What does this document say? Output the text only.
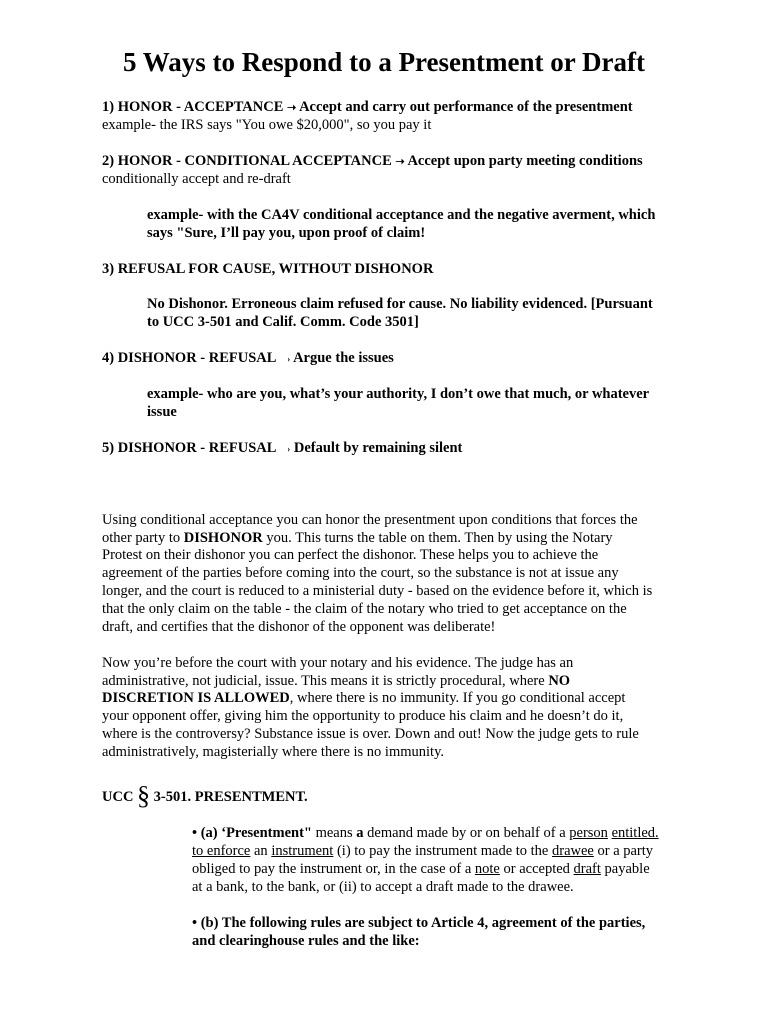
5 Ways to Respond to a Presentment or Draft
1) HONOR - ACCEPTANCE ➝ Accept and carry out performance of the presentment
example- the IRS says "You owe $20,000", so you pay it
2) HONOR - CONDITIONAL ACCEPTANCE ➝ Accept upon party meeting conditions
conditionally accept and re-draft
example- with the CA4V conditional acceptance and the negative averment, which
says "Sure, I’ll pay you, upon proof of claim!
3) REFUSAL FOR CAUSE, WITHOUT DISHONOR
No Dishonor. Erroneous claim refused for cause. No liability evidenced. [Pursuant
to UCC 3-501 and Calif. Comm. Code 3501]
4) DISHONOR - REFUSAL › Argue the issues
example- who are you, what’s your authority, I don’t owe that much, or whatever
issue
5) DISHONOR - REFUSAL › Default by remaining silent
Using conditional acceptance you can honor the presentment upon conditions that forces the
other party to DISHONOR you. This turns the table on them. Then by using the Notary
Protest on their dishonor you can perfect the dishonor. These helps you to achieve the
agreement of the parties before coming into the court, so the substance is not at issue any
longer, and the court is reduced to a ministerial duty - based on the evidence before it, which is
that the only claim on the table - the claim of the notary who tried to get acceptance on the
draft, and certifies that the dishonor of the opponent was deliberate!
Now you’re before the court with your notary and his evidence. The judge has an
administrative, not judicial, issue. This means it is strictly procedural, where NO
DISCRETION IS ALLOWED, where there is no immunity. If you go conditional accept
your opponent offer, giving him the opportunity to produce his claim and he doesn’t do it,
where is the controversy? Substance issue is over. Down and out! Now the judge gets to rule
administratively, magisterially where there is no immunity.
UCC § 3-501. PRESENTMENT.
• (a) ‘Presentment" means a demand made by or on behalf of a person entitled.
to enforce an instrument (i) to pay the instrument made to the drawee or a party
obliged to pay the instrument or, in the case of a note or accepted draft payable
at a bank, to the bank, or (ii) to accept a draft made to the drawee.
• (b) The following rules are subject to Article 4, agreement of the parties,
and clearinghouse rules and the like:
